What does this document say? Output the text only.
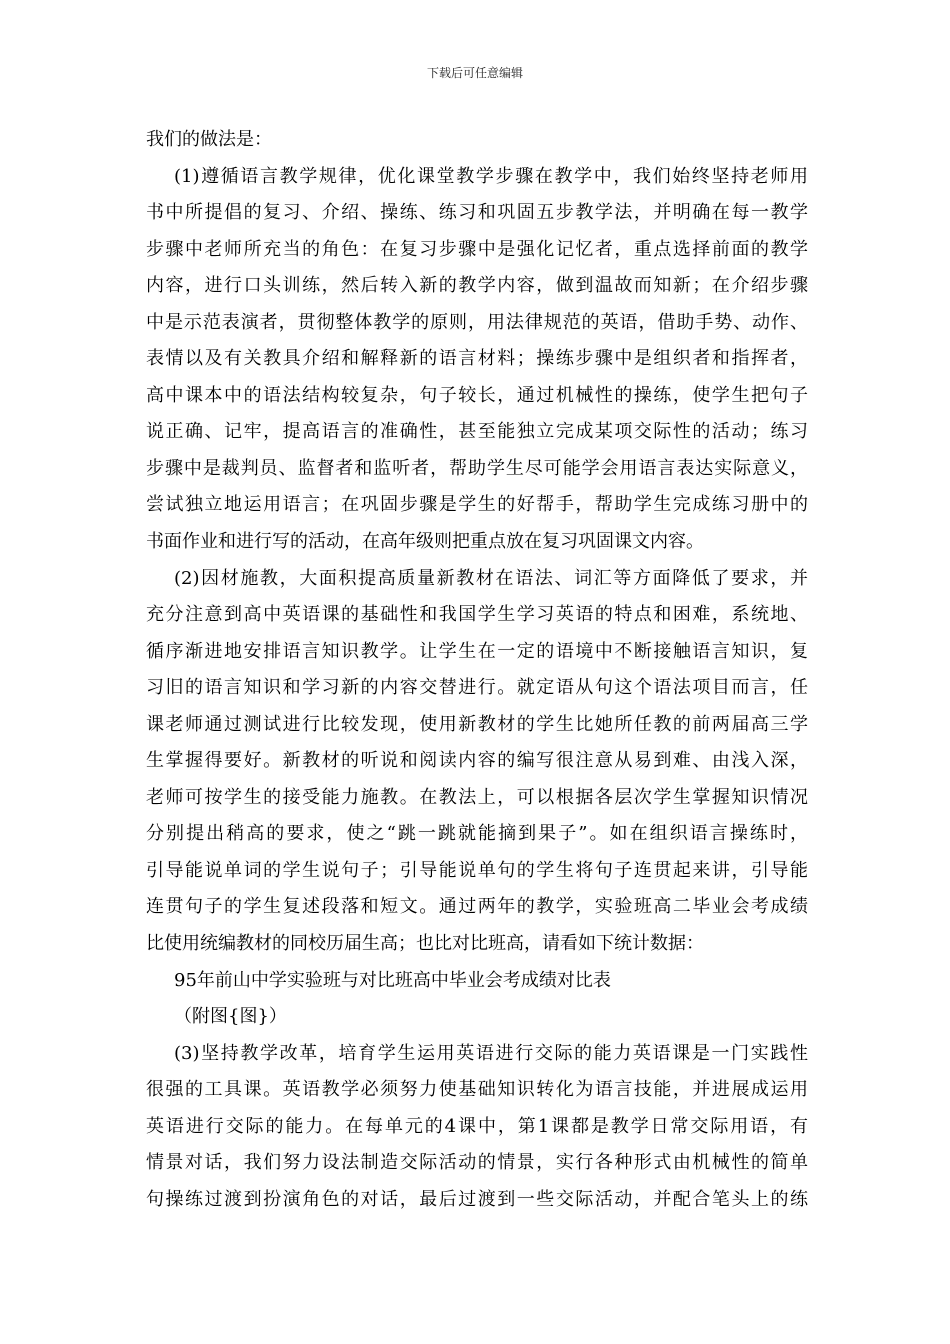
下载后可任意编辑
我们的做法是：
(1)遵循语言教学规律，优化课堂教学步骤在教学中，我们始终坚持老师用
书中所提倡的复习、介绍、操练、练习和巩固五步教学法，并明确在每一教学
步骤中老师所充当的角色：在复习步骤中是强化记忆者，重点选择前面的教学
内容，进行口头训练，然后转入新的教学内容，做到温故而知新；在介绍步骤
中是示范表演者，贯彻整体教学的原则，用法律规范的英语，借助手势、动作、
表情以及有关教具介绍和解释新的语言材料；操练步骤中是组织者和指挥者，
高中课本中的语法结构较复杂，句子较长，通过机械性的操练，使学生把句子
说正确、记牢，提高语言的准确性，甚至能独立完成某项交际性的活动；练习
步骤中是裁判员、监督者和监听者，帮助学生尽可能学会用语言表达实际意义，
尝试独立地运用语言；在巩固步骤是学生的好帮手，帮助学生完成练习册中的
书面作业和进行写的活动，在高年级则把重点放在复习巩固课文内容。
(2)因材施教，大面积提高质量新教材在语法、词汇等方面降低了要求，并
充分注意到高中英语课的基础性和我国学生学习英语的特点和困难，系统地、
循序渐进地安排语言知识教学。让学生在一定的语境中不断接触语言知识，复
习旧的语言知识和学习新的内容交替进行。就定语从句这个语法项目而言，任
课老师通过测试进行比较发现，使用新教材的学生比她所任教的前两届高三学
生掌握得要好。新教材的听说和阅读内容的编写很注意从易到难、由浅入深，
老师可按学生的接受能力施教。在教法上，可以根据各层次学生掌握知识情况
分别提出稍高的要求，使之“跳一跳就能摘到果子”。如在组织语言操练时，
引导能说单词的学生说句子；引导能说单句的学生将句子连贯起来讲，引导能
连贯句子的学生复述段落和短文。通过两年的教学，实验班高二毕业会考成绩
比使用统编教材的同校历届生高；也比对比班高，请看如下统计数据：
95年前山中学实验班与对比班高中毕业会考成绩对比表
（附图{图}）
(3)坚持教学改革，培育学生运用英语进行交际的能力英语课是一门实践性
很强的工具课。英语教学必须努力使基础知识转化为语言技能，并进展成运用
英语进行交际的能力。在每单元的4课中，第1课都是教学日常交际用语，有
情景对话，我们努力设法制造交际活动的情景，实行各种形式由机械性的简单
句操练过渡到扮演角色的对话，最后过渡到一些交际活动，并配合笔头上的练
